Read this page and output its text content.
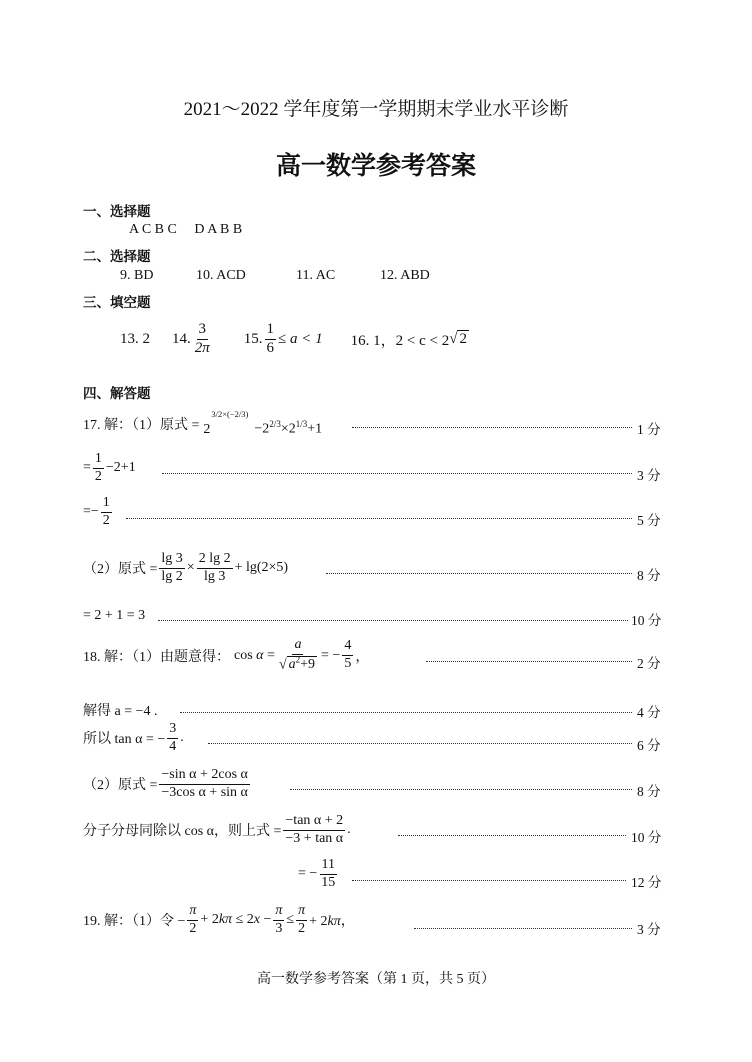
2021～2022 学年度第一学期期末学业水平诊断
高一数学参考答案
一、选择题
A C B C     D A B B
二、选择题
9. BD	10. ACD	11. AC	12. ABD
三、填空题
13. 2 14. $\frac{3}{2\pi} 15$. $\frac{1}{6} \le a < 1$ 16. 1，2 < c < 2 √ 2
四、解答题
17. 解：（1）原式 = 2
3/2×(−2/3)
$-2^{2/3}\times 2^{1/3}+1$	1 分
= $\frac{1}{2} -2+1$
3 分
=− $\frac{1}{2}$	5 分
（2）原式 = $\frac{\lg 3}{\lg 2} \times \frac{2 \lg 2}{\lg 3} + \lg(2\times 5)$
8 分
= 2 + 1 = 3	10 分
18. 解：（1）由题意得： $\cos \alpha = \frac{a}{√ a^2+9}$ = − $\frac{4}{5}$ ，	2 分
解得 a = −4 .	4 分
所以 tan α = − $\frac{3}{4}$ .
6 分
（2）原式 = $\frac{\text{−sin α + 2cos α}}{\text{−3cos α + sin α}}$	8 分
分子分母同除以 cos α，则上式 = $\frac{\text{−tan α + 2}}{\text{−3 + tan α}}$ .
10 分
= − $\frac{11}{15}$	12 分
19. 解：（1）令 − $\frac{\pi}{2} + 2k\pi \le 2x - \frac{\pi}{3} \le \frac{\pi}{2} + 2k\pi$，
3 分
高一数学参考答案（第 1 页，共 5 页）
